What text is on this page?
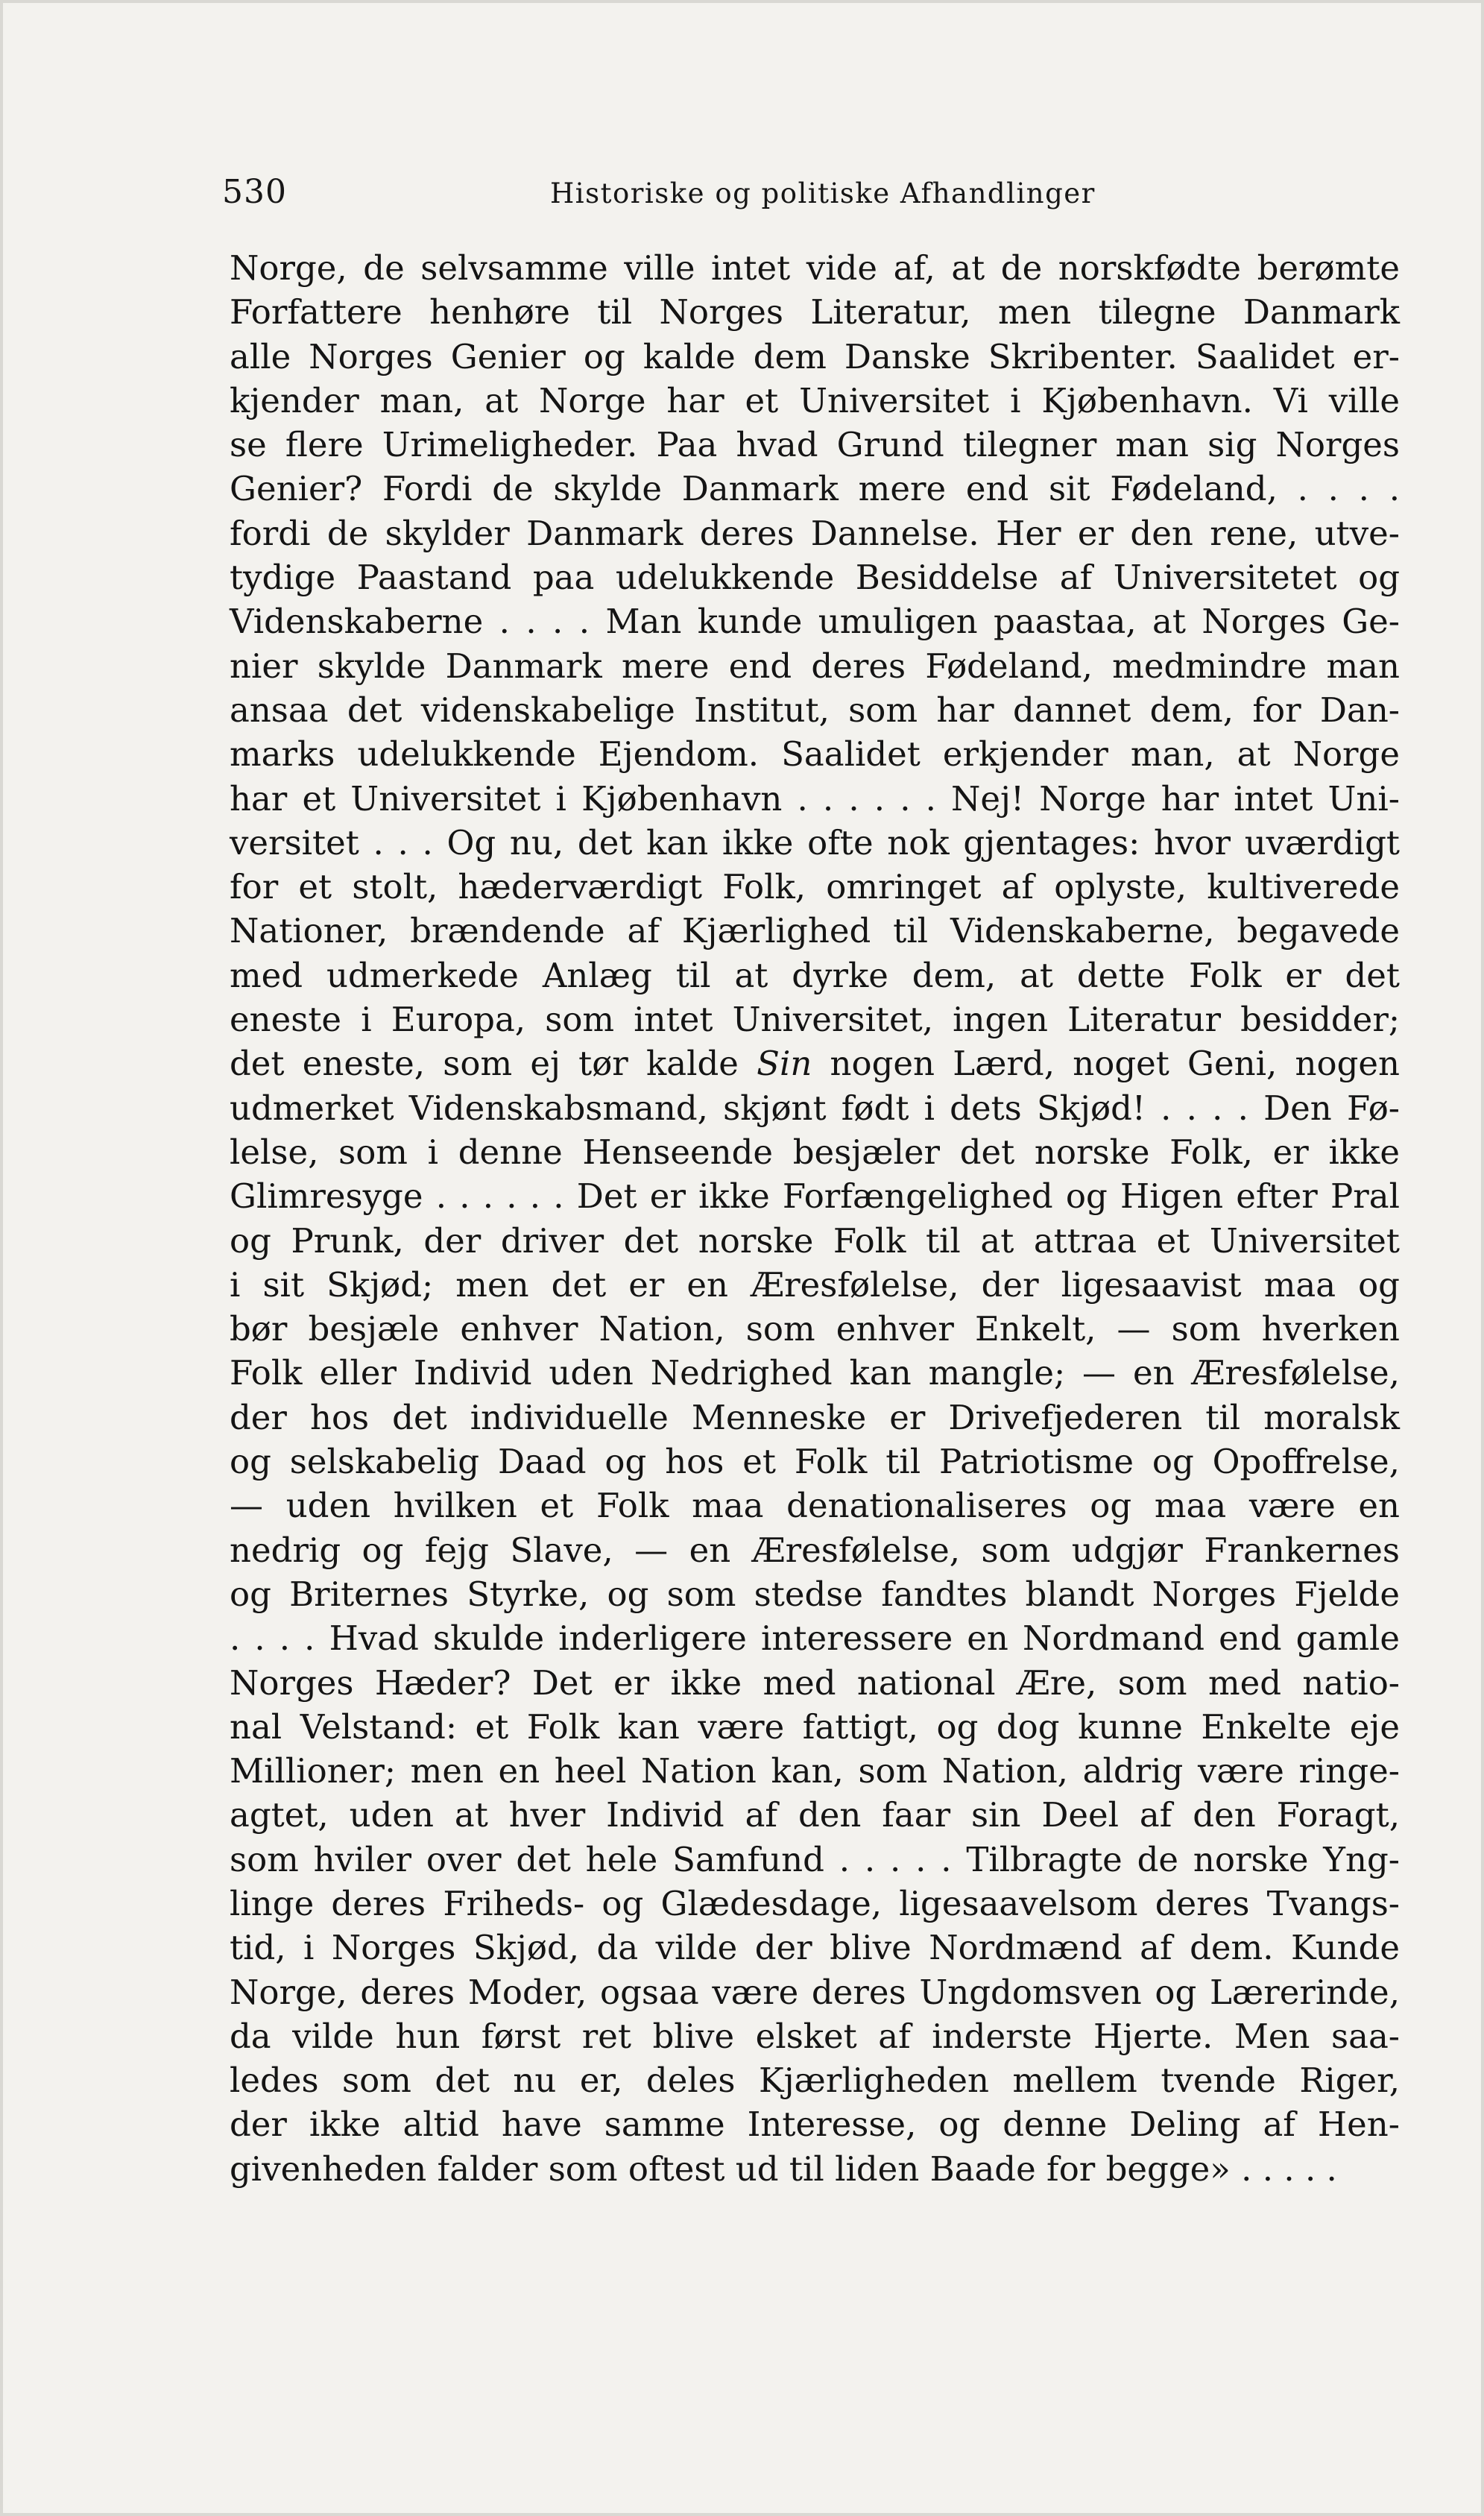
530	Historiske og politiske Afhandlinger
Norge, de selvsamme ville intet vide af, at de norskfødte berømte
Forfattere henhøre til Norges Literatur, men tilegne Danmark
alle Norges Genier og kalde dem Danske Skribenter. Saalidet er-
kjender man, at Norge har et Universitet i Kjøbenhavn. Vi ville
se flere Urimeligheder. Paa hvad Grund tilegner man sig Norges
Genier? Fordi de skylde Danmark mere end sit Fødeland, . . . .
fordi de skylder Danmark deres Dannelse. Her er den rene, utve-
tydige Paastand paa udelukkende Besiddelse af Universitetet og
Videnskaberne . . . . Man kunde umuligen paastaa, at Norges Ge-
nier skylde Danmark mere end deres Fødeland, medmindre man
ansaa det videnskabelige Institut, som har dannet dem, for Dan-
marks udelukkende Ejendom. Saalidet erkjender man, at Norge
har et Universitet i Kjøbenhavn . . . . . . Nej! Norge har intet Uni-
versitet . . . Og nu, det kan ikke ofte nok gjentages: hvor uværdigt
for et stolt, hæderværdigt Folk, omringet af oplyste, kultiverede
Nationer, brændende af Kjærlighed til Videnskaberne, begavede
med udmerkede Anlæg til at dyrke dem, at dette Folk er det
eneste i Europa, som intet Universitet, ingen Literatur besidder;
det eneste, som ej tør kalde Sin nogen Lærd, noget Geni, nogen
udmerket Videnskabsmand, skjønt født i dets Skjød! . . . . Den Fø-
lelse, som i denne Henseende besjæler det norske Folk, er ikke
Glimresyge . . . . . . Det er ikke Forfængelighed og Higen efter Pral
og Prunk, der driver det norske Folk til at attraa et Universitet
i sit Skjød; men det er en Æresfølelse, der ligesaavist maa og
bør besjæle enhver Nation, som enhver Enkelt, — som hverken
Folk eller Individ uden Nedrighed kan mangle; — en Æresfølelse,
der hos det individuelle Menneske er Drivefjederen til moralsk
og selskabelig Daad og hos et Folk til Patriotisme og Opoffrelse,
— uden hvilken et Folk maa denationaliseres og maa være en
nedrig og fejg Slave, — en Æresfølelse, som udgjør Frankernes
og Briternes Styrke, og som stedse fandtes blandt Norges Fjelde
. . . . Hvad skulde inderligere interessere en Nordmand end gamle
Norges Hæder? Det er ikke med national Ære, som med natio-
nal Velstand: et Folk kan være fattigt, og dog kunne Enkelte eje
Millioner; men en heel Nation kan, som Nation, aldrig være ringe-
agtet, uden at hver Individ af den faar sin Deel af den Foragt,
som hviler over det hele Samfund . . . . . Tilbragte de norske Yng-
linge deres Friheds- og Glædesdage, ligesaavelsom deres Tvangs-
tid, i Norges Skjød, da vilde der blive Nordmænd af dem. Kunde
Norge, deres Moder, ogsaa være deres Ungdomsven og Lærerinde,
da vilde hun først ret blive elsket af inderste Hjerte. Men saa-
ledes som det nu er, deles Kjærligheden mellem tvende Riger,
der ikke altid have samme Interesse, og denne Deling af Hen-
givenheden falder som oftest ud til liden Baade for begge» . . . . .
